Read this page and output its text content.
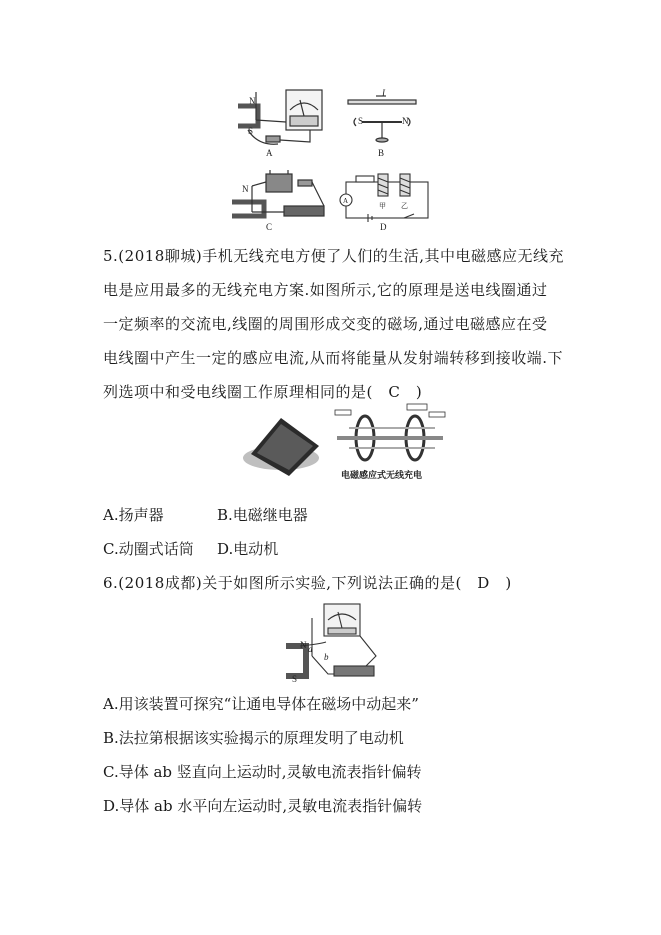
N
S
A
I
S	N
B
N
C
A
甲 乙
D
5.(2018聊城)手机无线充电方便了人们的生活,其中电磁感应无线充
电是应用最多的无线充电方案.如图所示,它的原理是送电线圈通过
一定频率的交流电,线圈的周围形成交变的磁场,通过电磁感应在受
电线圈中产生一定的感应电流,从而将能量从发射端转移到接收端.下
列选项中和受电线圈工作原理相同的是(　C　)
电磁感应式无线充电
A.扬声器	B.电磁继电器
C.动圈式话筒 D.电动机
6.(2018成都)关于如图所示实验,下列说法正确的是(　D　)
a
b
N
S
A.用该装置可探究“让通电导体在磁场中动起来”
B.法拉第根据该实验揭示的原理发明了电动机
C.导体 ab 竖直向上运动时,灵敏电流表指针偏转
D.导体 ab 水平向左运动时,灵敏电流表指针偏转
